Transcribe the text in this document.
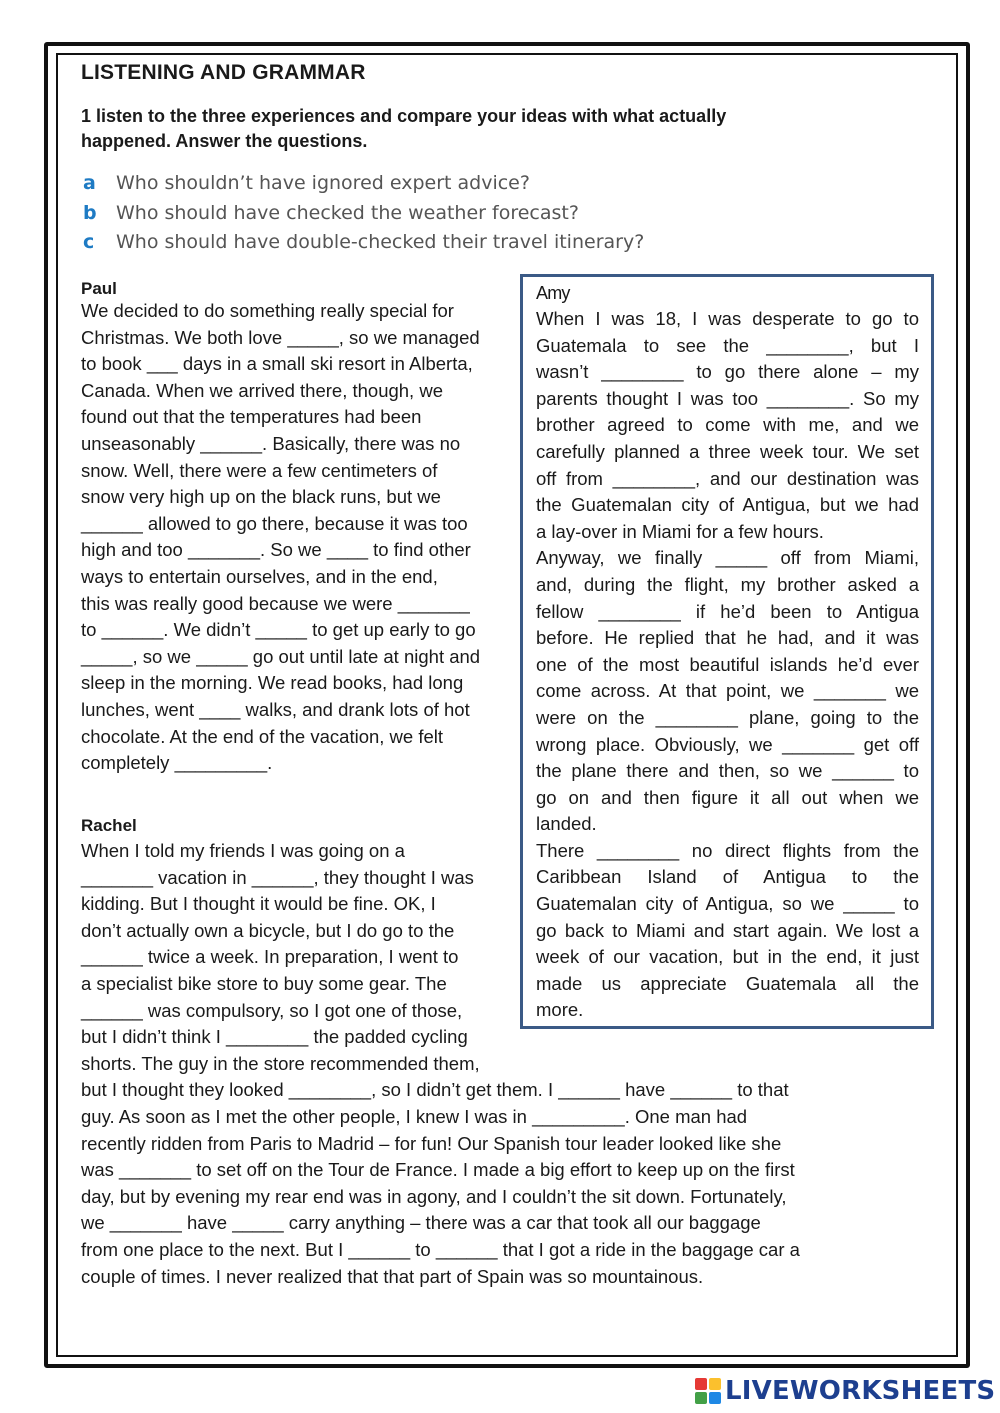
LISTENING AND GRAMMAR
1 listen to the three experiences and compare your ideas with what actually
happened. Answer the questions.
a Who shouldn’t have ignored expert advice?
b Who should have checked the weather forecast?
c Who should have double-checked their travel itinerary?
Paul
We decided to do something really special for
Christmas. We both love _____, so we managed
to book ___ days in a small ski resort in Alberta,
Canada. When we arrived there, though, we
found out that the temperatures had been
unseasonably ______. Basically, there was no
snow. Well, there were a few centimeters of
snow very high up on the black runs, but we
______ allowed to go there, because it was too
high and too _______. So we ____ to find other
ways to entertain ourselves, and in the end,
this was really good because we were _______
to ______. We didn’t _____ to get up early to go
_____, so we _____ go out until late at night and
sleep in the morning. We read books, had long
lunches, went ____ walks, and drank lots of hot
chocolate. At the end of the vacation, we felt
completely _________.
Rachel
When I told my friends I was going on a
_______ vacation in ______, they thought I was
kidding. But I thought it would be fine. OK, I
don’t actually own a bicycle, but I do go to the
______ twice a week. In preparation, I went to
a specialist bike store to buy some gear. The
______ was compulsory, so I got one of those,
but I didn’t think I ________ the padded cycling
shorts. The guy in the store recommended them,
but I thought they looked ________, so I didn’t get them. I ______ have ______ to that
guy. As soon as I met the other people, I knew I was in _________. One man had
recently ridden from Paris to Madrid – for fun! Our Spanish tour leader looked like she
was _______ to set off on the Tour de France. I made a big effort to keep up on the first
day, but by evening my rear end was in agony, and I couldn’t the sit down. Fortunately,
we _______ have _____ carry anything – there was a car that took all our baggage
from one place to the next. But I ______ to ______ that I got a ride in the baggage car a
couple of times. I never realized that that part of Spain was so mountainous.
Amy
When I was 18, I was desperate to go to
Guatemala to see the ________, but I
wasn’t ________ to go there alone – my
parents thought I was too ________. So my
brother agreed to come with me, and we
carefully planned a three week tour. We set
off from ________, and our destination was
the Guatemalan city of Antigua, but we had
a lay-over in Miami for a few hours.
Anyway, we finally _____ off from Miami,
and, during the flight, my brother asked a
fellow ________ if he’d been to Antigua
before. He replied that he had, and it was
one of the most beautiful islands he’d ever
come across. At that point, we _______ we
were on the ________ plane, going to the
wrong place. Obviously, we _______ get off
the plane there and then, so we ______ to
go on and then figure it all out when we
landed.
There ________ no direct flights from the
Caribbean Island of Antigua to the
Guatemalan city of Antigua, so we _____ to
go back to Miami and start again. We lost a
week of our vacation, but in the end, it just
made us appreciate Guatemala all the
more.
LIVEWORKSHEETS
